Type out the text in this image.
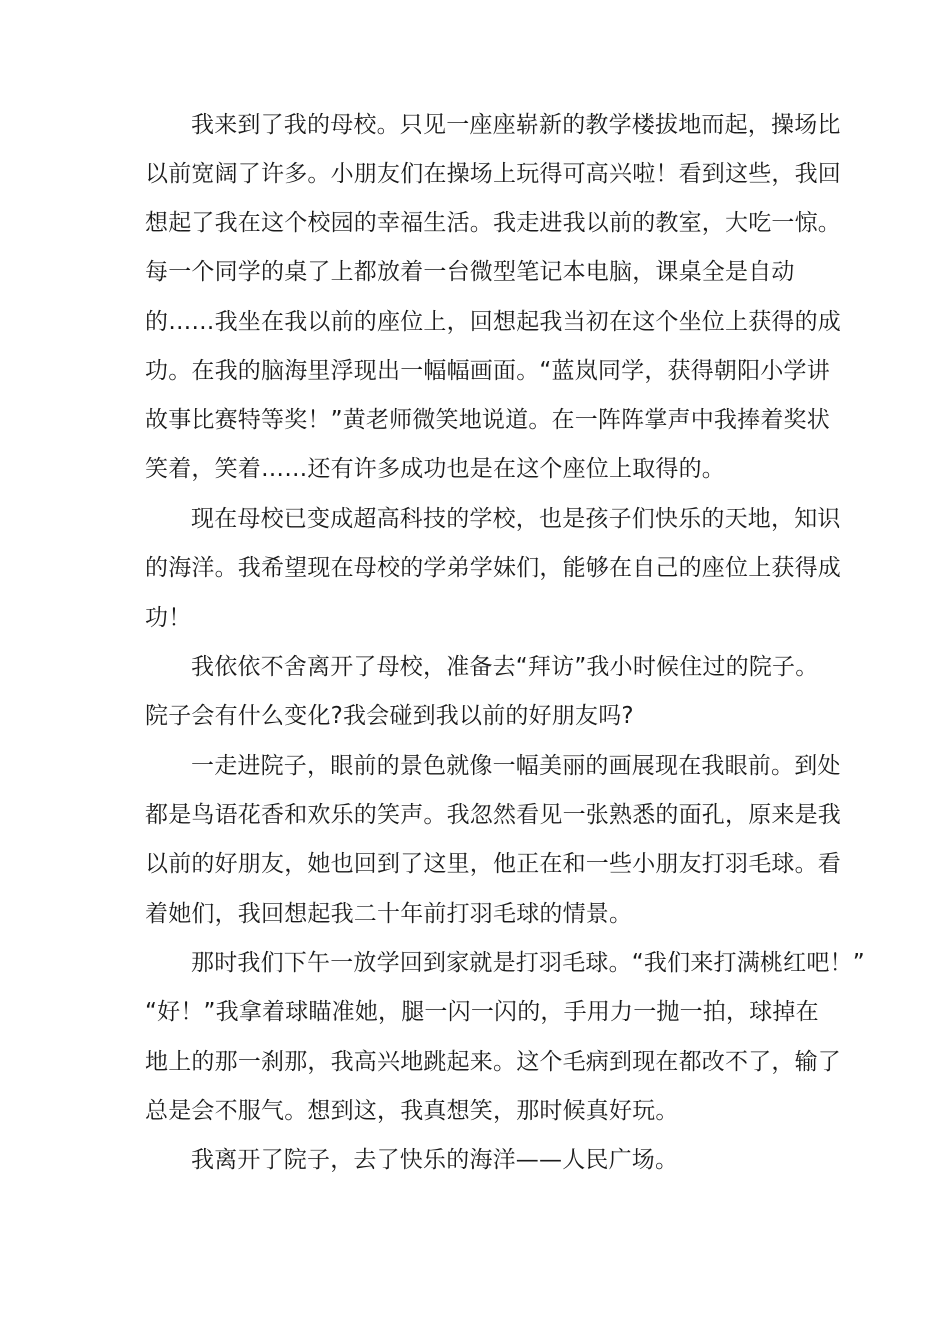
我来到了我的母校。只见一座座崭新的教学楼拔地而起，操场比
以前宽阔了许多。小朋友们在操场上玩得可高兴啦！看到这些，我回
想起了我在这个校园的幸福生活。我走进我以前的教室，大吃一惊。
每一个同学的桌了上都放着一台微型笔记本电脑，课桌全是自动
的……我坐在我以前的座位上，回想起我当初在这个坐位上获得的成
功。在我的脑海里浮现出一幅幅画面。“蓝岚同学，获得朝阳小学讲
故事比赛特等奖！”黄老师微笑地说道。在一阵阵掌声中我捧着奖状
笑着，笑着……还有许多成功也是在这个座位上取得的。
现在母校已变成超高科技的学校，也是孩子们快乐的天地，知识
的海洋。我希望现在母校的学弟学妹们，能够在自己的座位上获得成
功！
我依依不舍离开了母校，准备去“拜访”我小时候住过的院子。
院子会有什么变化?我会碰到我以前的好朋友吗?
一走进院子，眼前的景色就像一幅美丽的画展现在我眼前。到处
都是鸟语花香和欢乐的笑声。我忽然看见一张熟悉的面孔，原来是我
以前的好朋友，她也回到了这里，他正在和一些小朋友打羽毛球。看
着她们，我回想起我二十年前打羽毛球的情景。
那时我们下午一放学回到家就是打羽毛球。“我们来打满桃红吧！”
“好！”我拿着球瞄准她，腿一闪一闪的，手用力一抛一拍，球掉在
地上的那一刹那，我高兴地跳起来。这个毛病到现在都改不了，输了
总是会不服气。想到这，我真想笑，那时候真好玩。
我离开了院子，去了快乐的海洋——人民广场。
